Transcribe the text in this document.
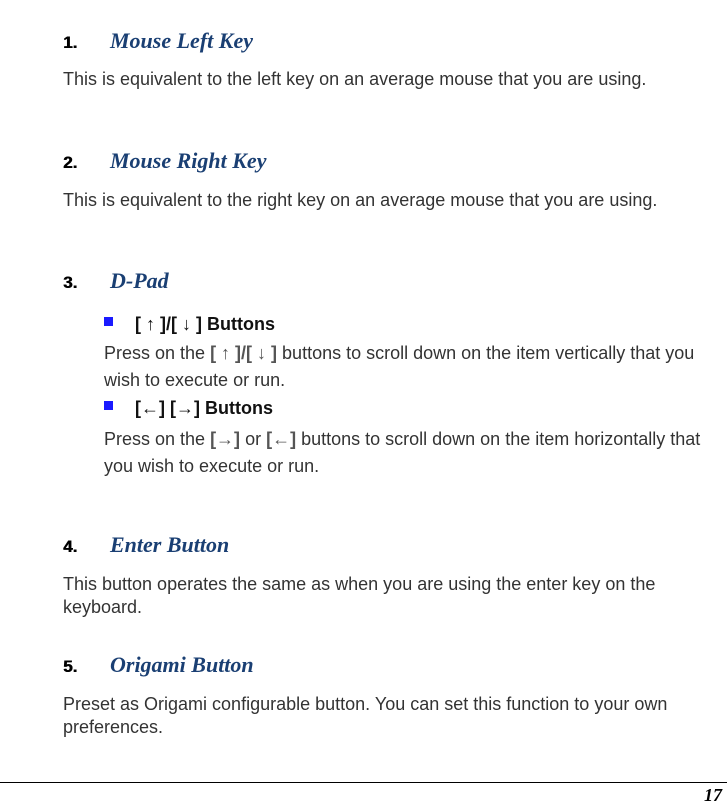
1.	Mouse Left Key
This is equivalent to the left key on an average mouse that you are using.
2.	Mouse Right Key
This is equivalent to the right key on an average mouse that you are using.
3.	D-Pad
[ ↑ ]/[ ↓ ] Buttons
Press on the [ ↑ ]/[ ↓ ] buttons to scroll down on the item vertically that you wish to execute or run.
[←] [→] Buttons
Press on the [→] or [←] buttons to scroll down on the item horizontally that you wish to execute or run.
4.	Enter Button
This button operates the same as when you are using the enter key on the keyboard.
5.	Origami Button
Preset as Origami configurable button. You can set this function to your own preferences.
17
